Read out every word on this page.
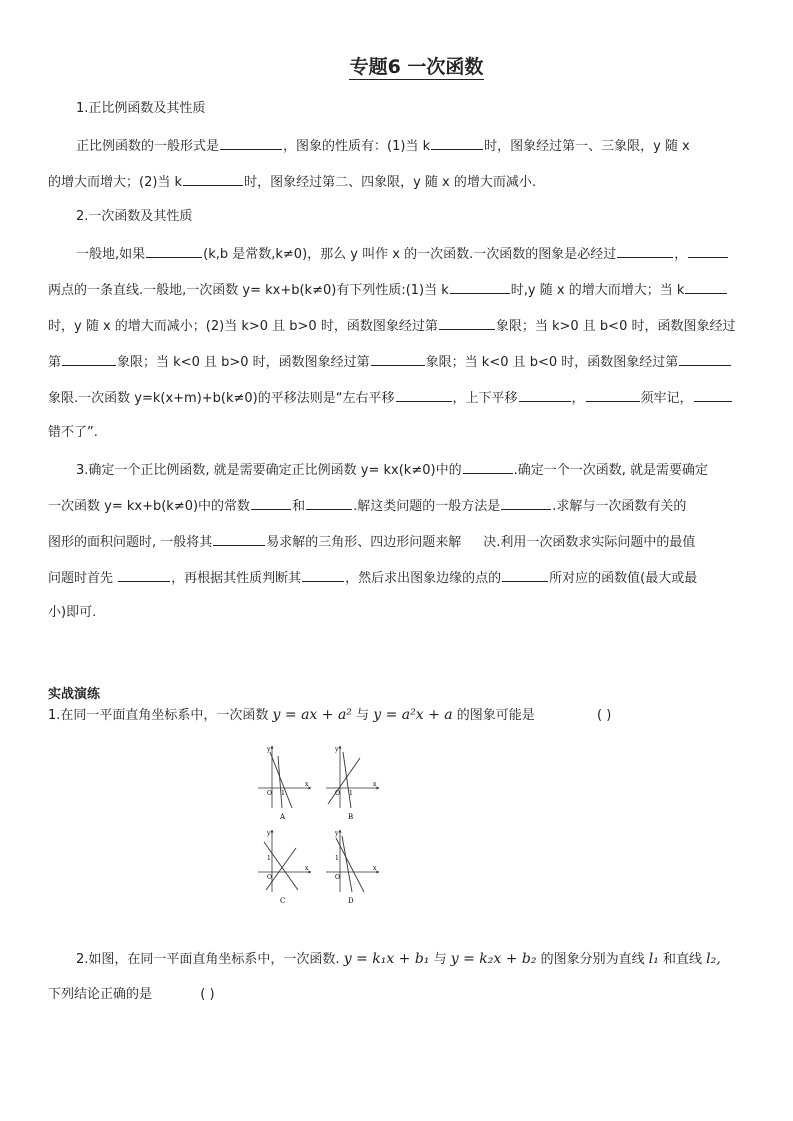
专题6 一次函数
1.正比例函数及其性质
正比例函数的一般形式是	，图象的性质有：(1)当 k	时，图象经过第一、三象限，y 随 x
的增大而增大；(2)当 k	时，图象经过第二、四象限，y 随 x 的增大而减小.
2.一次函数及其性质
一般地,如果	(k,b 是常数,k≠0)，那么 y 叫作 x 的一次函数.一次函数的图象是必经过	，
两点的一条直线.一般地,一次函数 y= kx+b(k≠0)有下列性质:(1)当 k	时,y 随 x 的增大而增大；当 k
时，y 随 x 的增大而减小；(2)当 k>0 且 b>0 时，函数图象经过第	象限；当 k>0 且 b<0 时，函数图象经过
第	象限；当 k<0 且 b>0 时，函数图象经过第	象限；当 k<0 且 b<0 时，函数图象经过第
象限.一次函数 y=k(x+m)+b(k≠0)的平移法则是“左右平移	，上下平移	，	须牢记，
错不了”.
3.确定一个正比例函数, 就是需要确定正比例函数 y= kx(k≠0)中的	.确定一个一次函数, 就是需要确定
一次函数 y= kx+b(k≠0)中的常数	和	.解这类问题的一般方法是	.求解与一次函数有关的
图形的面积问题时, 一般将其	易求解的三角形、四边形问题来解 决.利用一次函数求实际问题中的最值
问题时首先	，再根据其性质判断其	，然后求出图象边缘的点的	所对应的函数值(最大或最
小)即可.
实战演练
1.在同一平面直角坐标系中，一次函数 y = ax + a² 与 y = a²x + a 的图象可能是	( )
y
x
O 1
A
y
x
O 1
B
y
x
O
1
C
y
x
O
1
D
2.如图，在同一平面直角坐标系中，一次函数. y = k₁x + b₁ 与 y = k₂x + b₂ 的图象分别为直线 l₁ 和直线 l₂,
下列结论正确的是	( )
